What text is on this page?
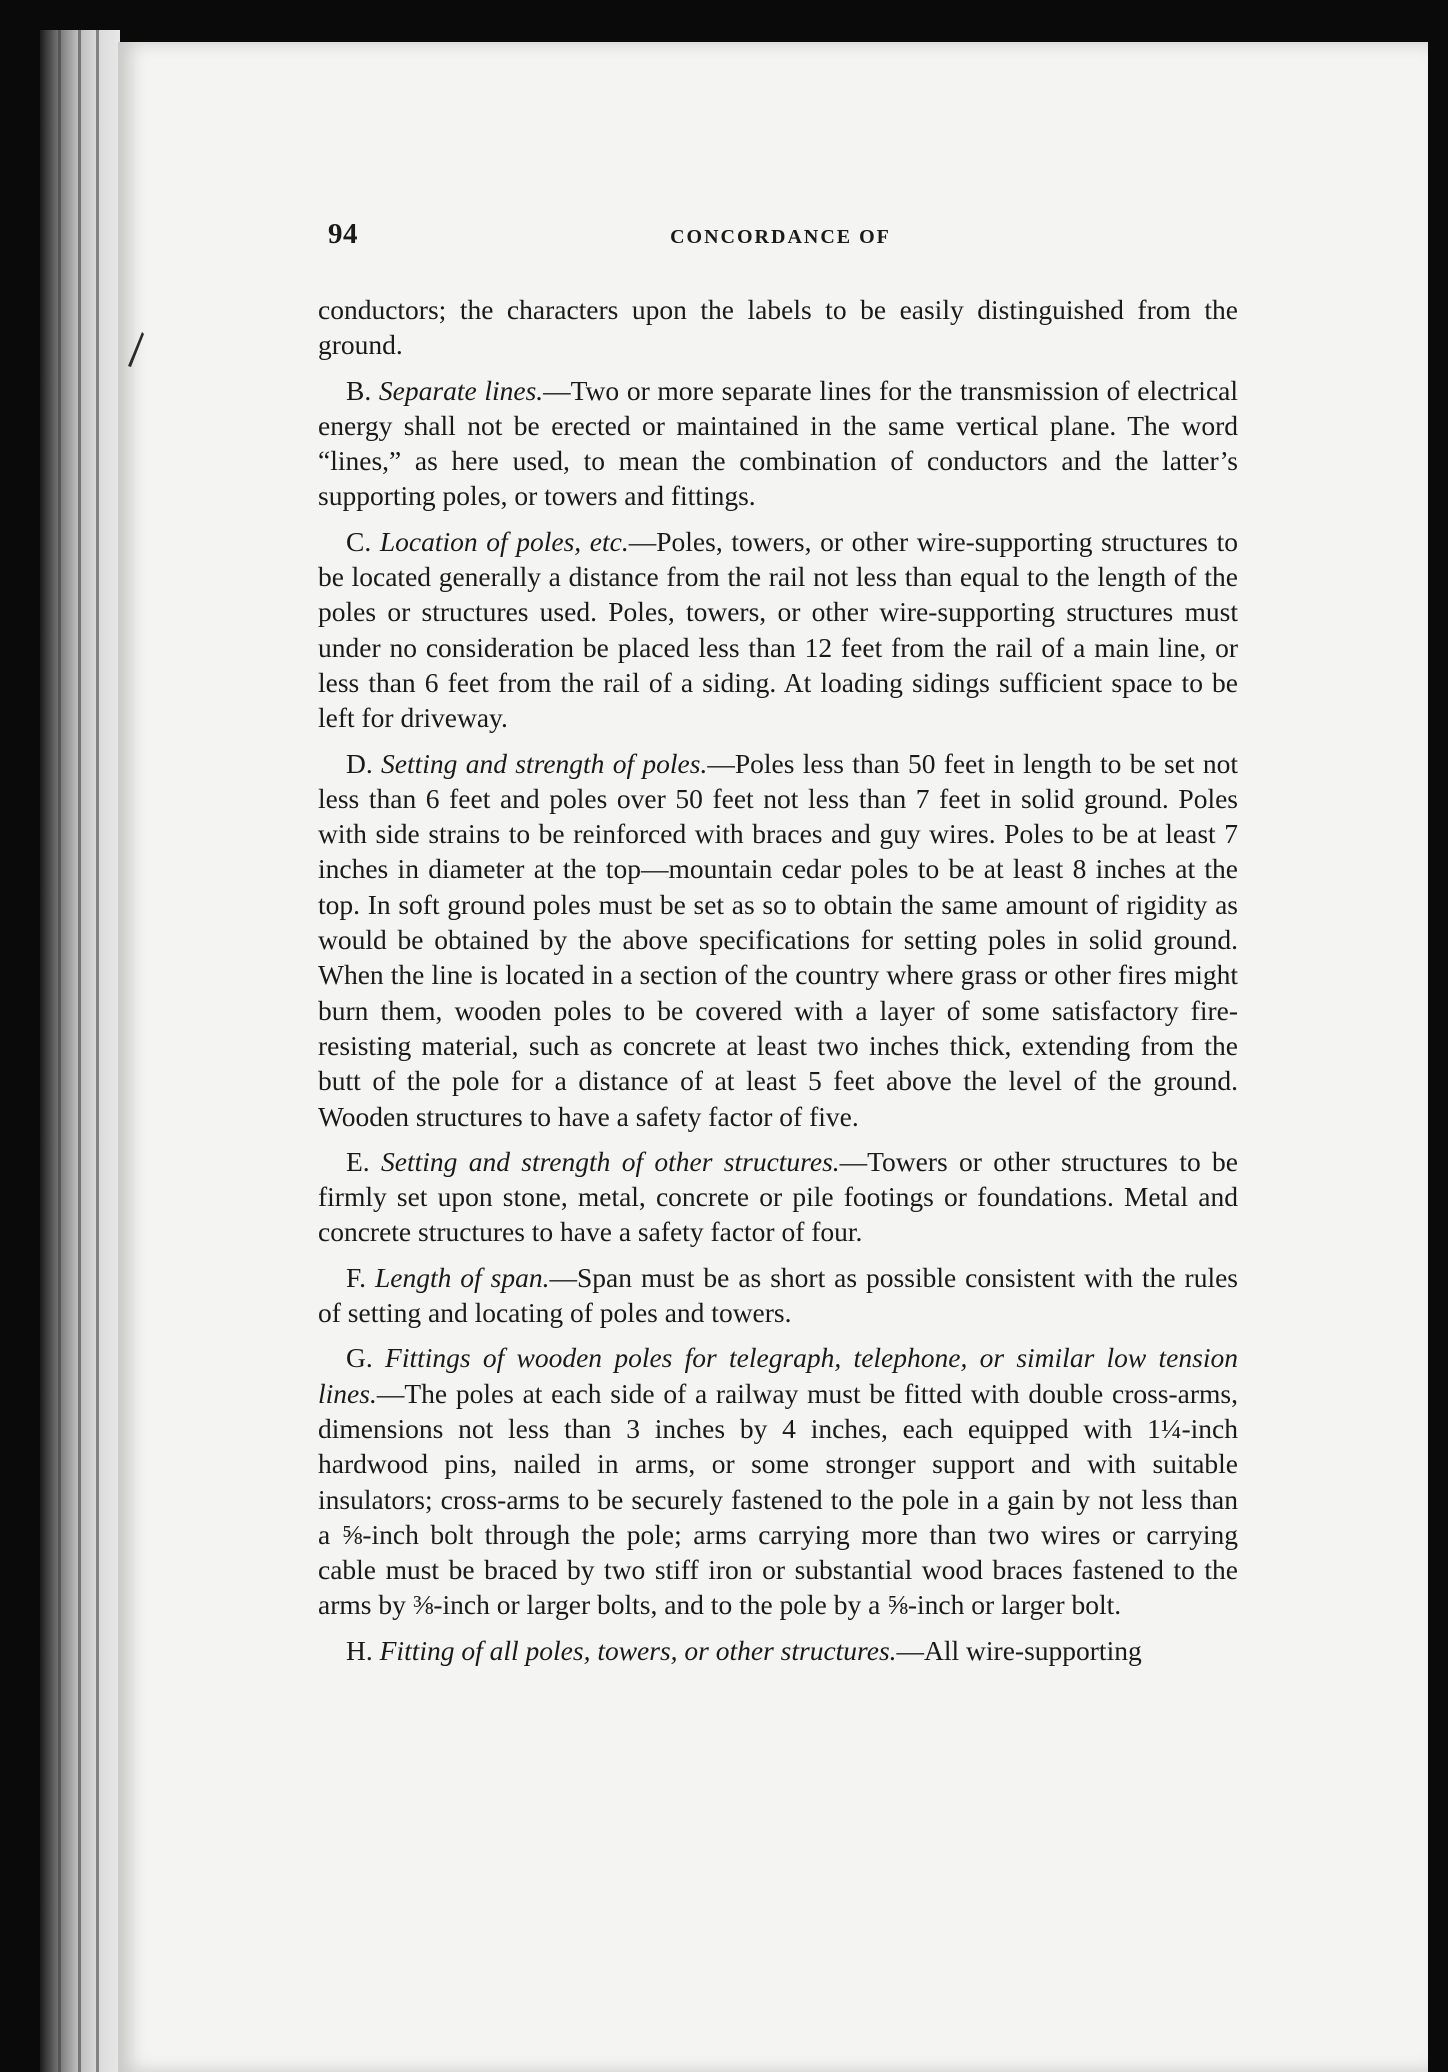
94	CONCORDANCE OF

conductors; the characters upon the labels to be easily distinguished from the ground.

B. Separate lines.—Two or more separate lines for the transmission of electrical energy shall not be erected or maintained in the same vertical plane. The word “lines,” as here used, to mean the combination of conductors and the latter’s supporting poles, or towers and fittings.

C. Location of poles, etc.—Poles, towers, or other wire-supporting structures to be located generally a distance from the rail not less than equal to the length of the poles or structures used. Poles, towers, or other wire-supporting structures must under no consideration be placed less than 12 feet from the rail of a main line, or less than 6 feet from the rail of a siding. At loading sidings sufficient space to be left for driveway.

D. Setting and strength of poles.—Poles less than 50 feet in length to be set not less than 6 feet and poles over 50 feet not less than 7 feet in solid ground. Poles with side strains to be reinforced with braces and guy wires. Poles to be at least 7 inches in diameter at the top—mountain cedar poles to be at least 8 inches at the top. In soft ground poles must be set as so to obtain the same amount of rigidity as would be obtained by the above specifications for setting poles in solid ground. When the line is located in a section of the country where grass or other fires might burn them, wooden poles to be covered with a layer of some satisfactory fire-resisting material, such as concrete at least two inches thick, extending from the butt of the pole for a distance of at least 5 feet above the level of the ground. Wooden structures to have a safety factor of five.

E. Setting and strength of other structures.—Towers or other structures to be firmly set upon stone, metal, concrete or pile footings or foundations. Metal and concrete structures to have a safety factor of four.

F. Length of span.—Span must be as short as possible consistent with the rules of setting and locating of poles and towers.

G. Fittings of wooden poles for telegraph, telephone, or similar low tension lines.—The poles at each side of a railway must be fitted with double cross-arms, dimensions not less than 3 inches by 4 inches, each equipped with 1¼-inch hardwood pins, nailed in arms, or some stronger support and with suitable insulators; cross-arms to be securely fastened to the pole in a gain by not less than a ⅝-inch bolt through the pole; arms carrying more than two wires or carrying cable must be braced by two stiff iron or substantial wood braces fastened to the arms by ⅜-inch or larger bolts, and to the pole by a ⅝-inch or larger bolt.

H. Fitting of all poles, towers, or other structures.—All wire-supporting
